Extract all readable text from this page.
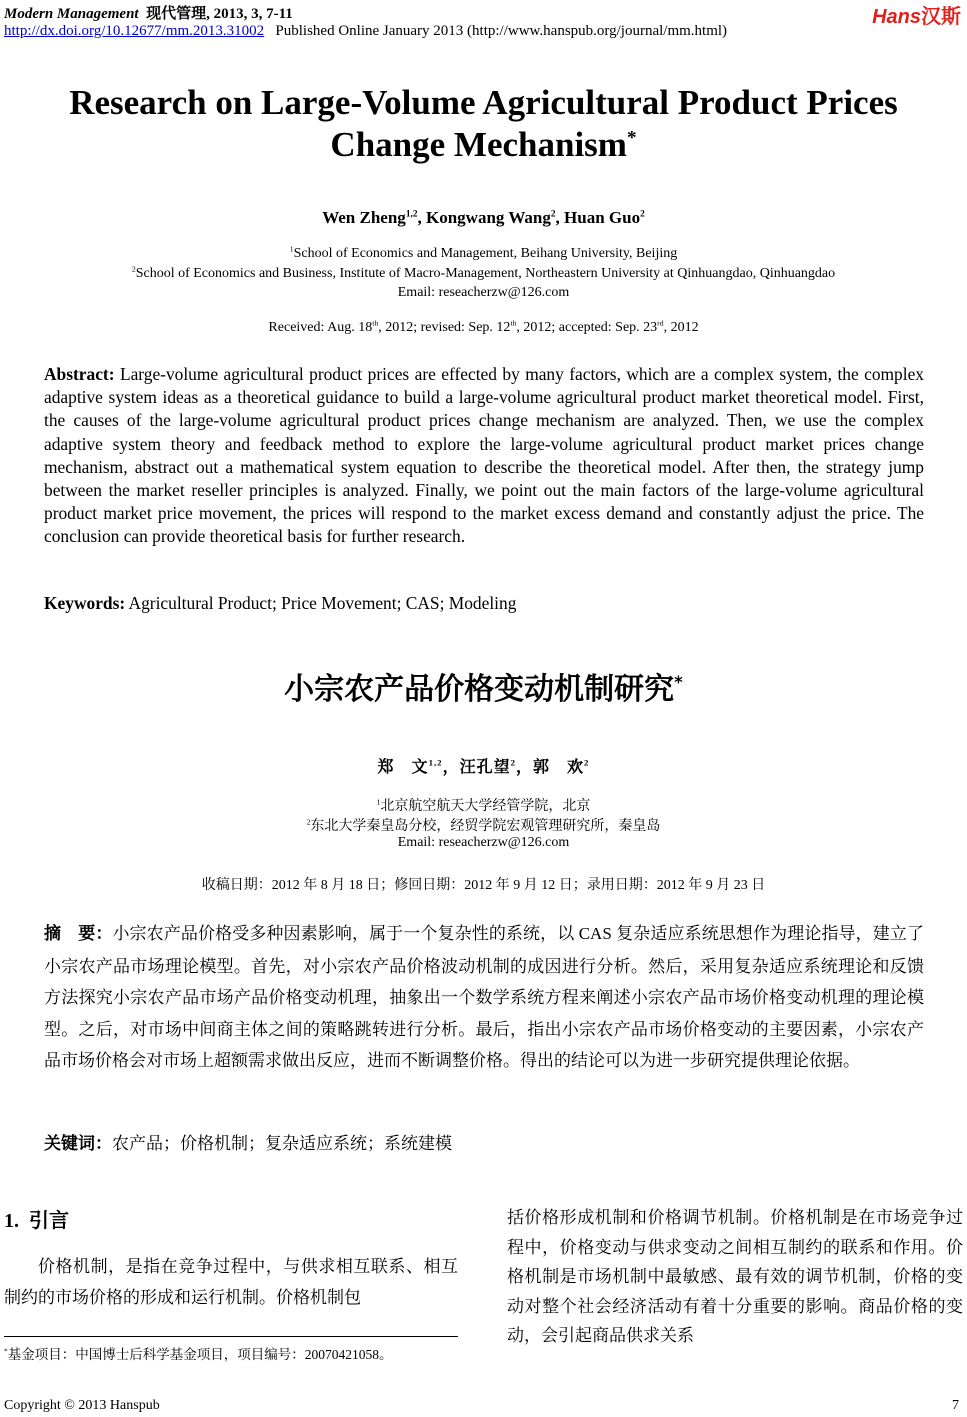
Modern Management 现代管理, 2013, 3, 7-11	Hans汉斯
http://dx.doi.org/10.12677/mm.2013.31002 Published Online January 2013 (http://www.hanspub.org/journal/mm.html)
Research on Large-Volume Agricultural Product Prices
Change Mechanism*
Wen Zheng$^{1,2}$, Kongwang Wang$^2$, Huan Guo$^2$
$^1$School of Economics and Management, Beihang University, Beijing
$^2$School of Economics and Business, Institute of Macro-Management, Northeastern University at Qinhuangdao, Qinhuangdao
Email: reseacherzw@126.com
Received: Aug. 18th, 2012; revised: Sep. 12th, 2012; accepted: Sep. 23rd, 2012
Abstract: Large-volume agricultural product prices are effected by many factors, which are a complex system, the complex adaptive system ideas as a theoretical guidance to build a large-volume agricultural product market theoretical model. First, the causes of the large-volume agricultural product prices change mechanism are analyzed. Then, we use the complex adaptive system theory and feedback method to explore the large-volume agricultural product market prices change mechanism, abstract out a mathematical system equation to describe the theoretical model. After then, the strategy jump between the market reseller principles is analyzed. Finally, we point out the main factors of the large-volume agricultural product market price movement, the prices will respond to the market excess demand and constantly adjust the price. The conclusion can provide theoretical basis for further research.
Keywords: Agricultural Product; Price Movement; CAS; Modeling
小宗农产品价格变动机制研究*
郑　文$^{1,2}$，汪孔望$^2$，郭　欢$^2$
$^1$北京航空航天大学经管学院，北京
$^2$东北大学秦皇岛分校，经贸学院宏观管理研究所，秦皇岛
Email: reseacherzw@126.com
收稿日期：2012 年 8 月 18 日；修回日期：2012 年 9 月 12 日；录用日期：2012 年 9 月 23 日
摘　要：小宗农产品价格受多种因素影响，属于一个复杂性的系统，以 CAS 复杂适应系统思想作为理论指导，建立了小宗农产品市场理论模型。首先，对小宗农产品价格波动机制的成因进行分析。然后，采用复杂适应系统理论和反馈方法探究小宗农产品市场产品价格变动机理，抽象出一个数学系统方程来阐述小宗农产品市场价格变动机理的理论模型。之后，对市场中间商主体之间的策略跳转进行分析。最后，指出小宗农产品市场价格变动的主要因素，小宗农产品市场价格会对市场上超额需求做出反应，进而不断调整价格。得出的结论可以为进一步研究提供理论依据。
关键词：农产品；价格机制；复杂适应系统；系统建模
1. 引言
价格机制，是指在竞争过程中，与供求相互联系、相互制约的市场价格的形成和运行机制。价格机制包
*基金项目：中国博士后科学基金项目，项目编号：20070421058。
括价格形成机制和价格调节机制。价格机制是在市场竞争过程中，价格变动与供求变动之间相互制约的联系和作用。价格机制是市场机制中最敏感、最有效的调节机制，价格的变动对整个社会经济活动有着十分重要的影响。商品价格的变动，会引起商品供求关系
Copyright © 2013 Hanspub	7
